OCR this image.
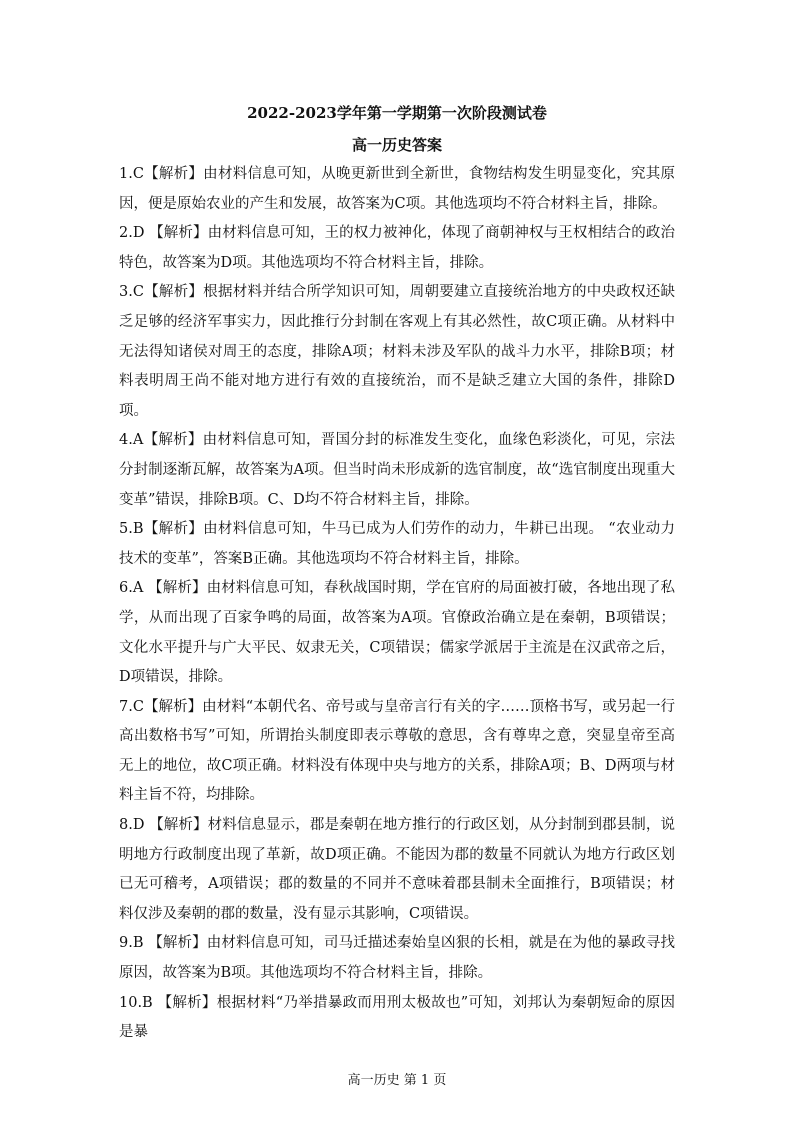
2022-2023学年第一学期第一次阶段测试卷
高一历史答案

1.C【解析】由材料信息可知，从晚更新世到全新世，食物结构发生明显变化，究其原因，便是原始农业的产生和发展，故答案为C项。其他选项均不符合材料主旨，排除。

2.D 【解析】由材料信息可知，王的权力被神化，体现了商朝神权与王权相结合的政治特色，故答案为D项。其他选项均不符合材料主旨，排除。

3.C【解析】根据材料并结合所学知识可知，周朝要建立直接统治地方的中央政权还缺乏足够的经济军事实力，因此推行分封制在客观上有其必然性，故C项正确。从材料中无法得知诸侯对周王的态度，排除A项；材料未涉及军队的战斗力水平，排除B项；材料表明周王尚不能对地方进行有效的直接统治，而不是缺乏建立大国的条件，排除D项。

4.A【解析】由材料信息可知，晋国分封的标准发生变化，血缘色彩淡化，可见，宗法分封制逐渐瓦解，故答案为A项。但当时尚未形成新的选官制度，故“选官制度出现重大变革”错误，排除B项。C、D均不符合材料主旨，排除。

5.B【解析】由材料信息可知，牛马已成为人们劳作的动力，牛耕已出现。 “农业动力技术的变革”，答案B正确。其他选项均不符合材料主旨，排除。

6.A 【解析】由材料信息可知，春秋战国时期，学在官府的局面被打破，各地出现了私学，从而出现了百家争鸣的局面，故答案为A项。官僚政治确立是在秦朝，B项错误；文化水平提升与广大平民、奴隶无关，C项错误；儒家学派居于主流是在汉武帝之后，D项错误，排除。

7.C【解析】由材料“本朝代名、帝号或与皇帝言行有关的字……顶格书写，或另起一行高出数格书写”可知，所谓抬头制度即表示尊敬的意思，含有尊卑之意，突显皇帝至高无上的地位，故C项正确。材料没有体现中央与地方的关系，排除A项；B、D两项与材料主旨不符，均排除。

8.D 【解析】材料信息显示，郡是秦朝在地方推行的行政区划，从分封制到郡县制，说明地方行政制度出现了革新，故D项正确。不能因为郡的数量不同就认为地方行政区划已无可稽考，A项错误；郡的数量的不同并不意味着郡县制未全面推行，B项错误；材料仅涉及秦朝的郡的数量，没有显示其影响，C项错误。

9.B 【解析】由材料信息可知，司马迁描述秦始皇凶狠的长相，就是在为他的暴政寻找原因，故答案为B项。其他选项均不符合材料主旨，排除。

10.B 【解析】根据材料“乃举措暴政而用刑太极故也”可知，刘邦认为秦朝短命的原因是暴

高一历史 第 1 页
